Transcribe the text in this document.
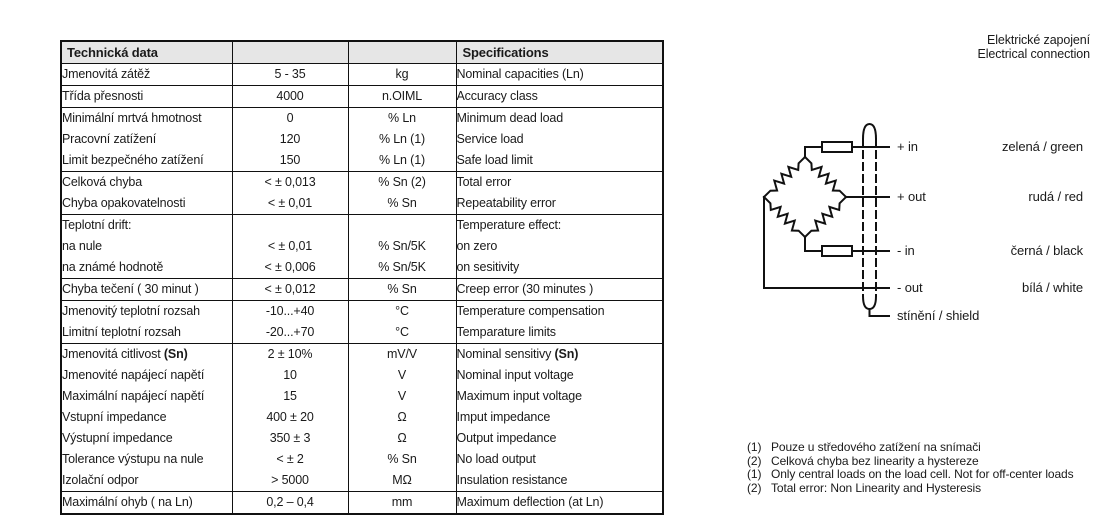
Technická data			Specifications
Jmenovitá zátěž	5 - 35	kg	Nominal capacities (Ln)
Třída přesnosti	4000	n.OIML	Accuracy class
Minimální mrtvá hmotnost	0	% Ln	Minimum dead load
Pracovní zatížení	120	% Ln (1)	Service load
Limit bezpečného zatížení	150	% Ln (1)	Safe load limit
Celková chyba	< ± 0,013	% Sn (2)	Total error
Chyba opakovatelnosti	< ± 0,01	% Sn	Repeatability error
Teplotní drift:			Temperature effect:
na nule	< ± 0,01	% Sn/5K	on zero
na známé hodnotě	< ± 0,006	% Sn/5K	on sesitivity
Chyba tečení ( 30 minut )	< ± 0,012	% Sn	Creep error (30 minutes )
Jmenovitý teplotní rozsah	-10...+40	°C	Temperature compensation
Limitní teplotní rozsah	-20...+70	°C	Temparature limits
Jmenovitá citlivost (Sn)	2 ± 10%	mV/V	Nominal sensitivy (Sn)
Jmenovité napájecí napětí	10	V	Nominal input voltage
Maximální napájecí napětí	15	V	Maximum input voltage
Vstupní impedance	400 ± 20	Ω	Imput impedance
Výstupní impedance	350 ± 3	Ω	Output impedance
Tolerance výstupu na nule	< ± 2	% Sn	No load output
Izolační odpor	> 5000	MΩ	Insulation resistance
Maximální ohyb ( na Ln)	0,2 – 0,4	mm	Maximum deflection (at Ln)
Elektrické zapojení
Electrical connection
+ in
+ out
- in
- out
stínění / shield
zelená / green
rudá / red
černá / black
bílá / white
(1) Pouze u středového zatížení na snímači
(2) Celková chyba bez linearity a hystereze
(1) Only central loads on the load cell. Not for off-center loads
(2) Total error: Non Linearity and Hysteresis
